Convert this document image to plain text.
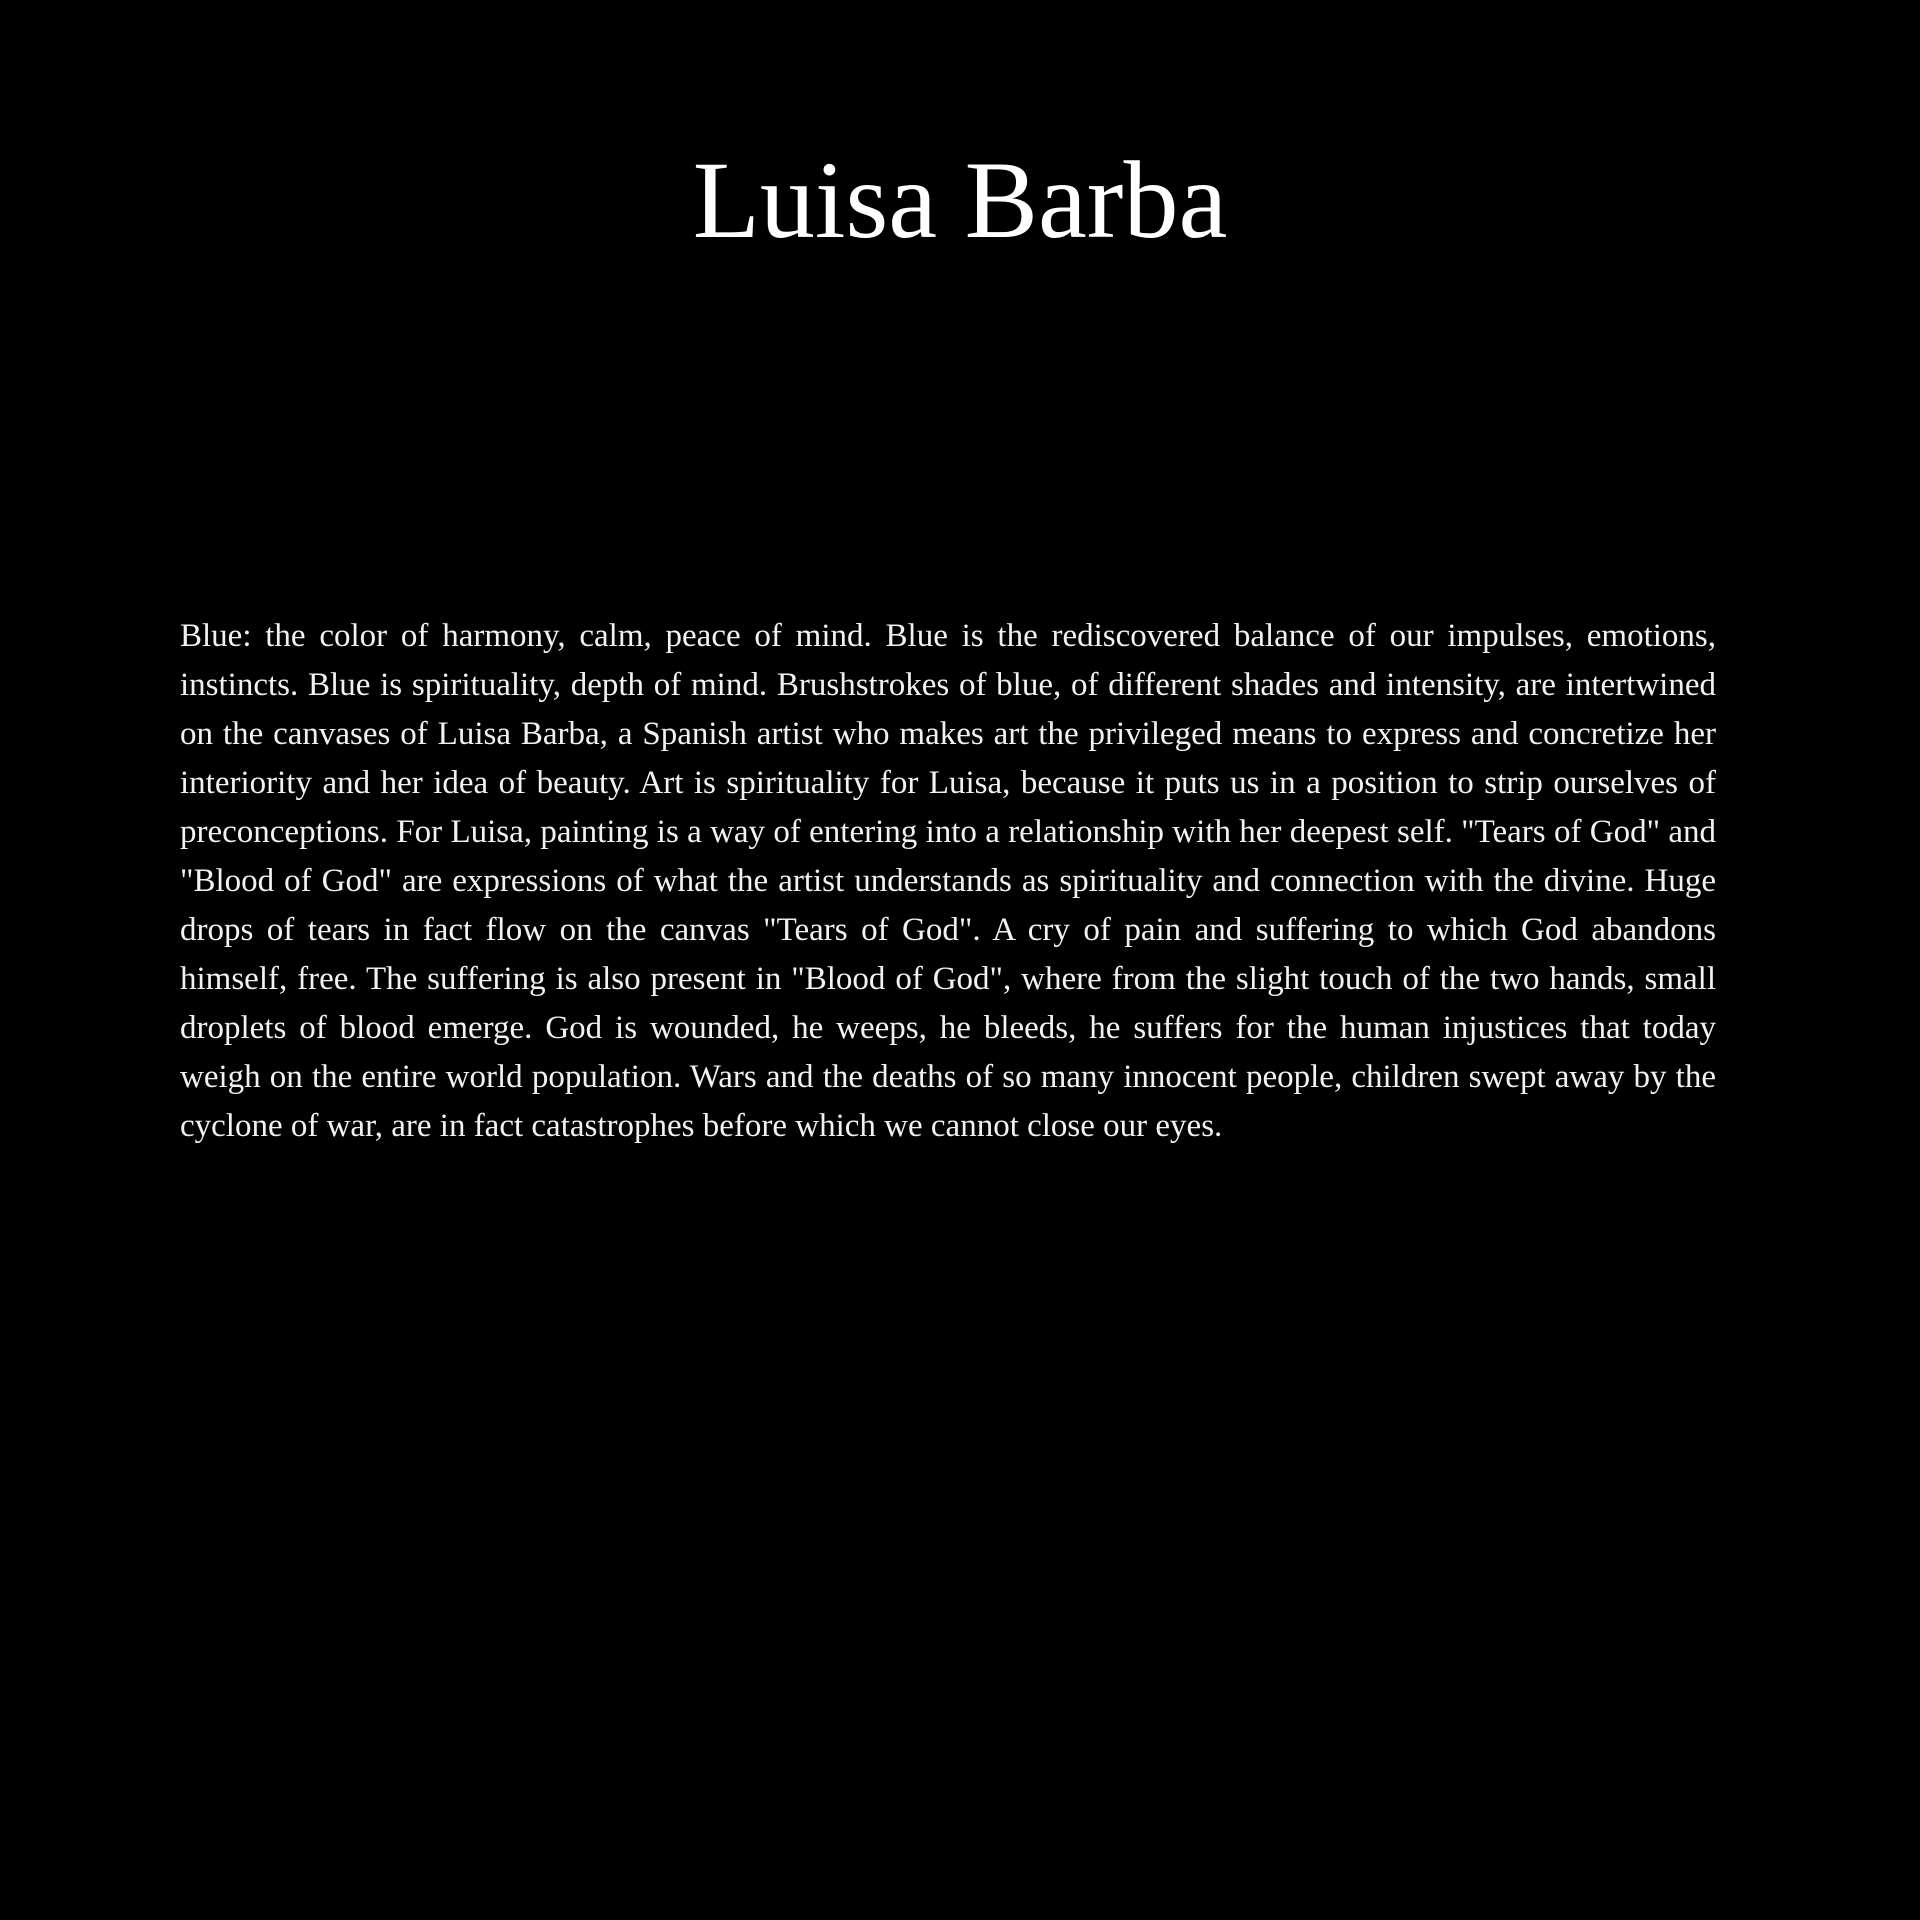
Luisa Barba

Blue: the color of harmony, calm, peace of mind. Blue is the rediscovered balance of our impulses, emotions, instincts. Blue is spirituality, depth of mind. Brushstrokes of blue, of different shades and intensity, are intertwined on the canvases of Luisa Barba, a Spanish artist who makes art the privileged means to express and concretize her interiority and her idea of beauty. Art is spirituality for Luisa, because it puts us in a position to strip ourselves of preconceptions. For Luisa, painting is a way of entering into a relationship with her deepest self. "Tears of God" and "Blood of God" are expressions of what the artist understands as spirituality and connection with the divine. Huge drops of tears in fact flow on the canvas "Tears of God". A cry of pain and suffering to which God abandons himself, free. The suffering is also present in "Blood of God", where from the slight touch of the two hands, small droplets of blood emerge. God is wounded, he weeps, he bleeds, he suffers for the human injustices that today weigh on the entire world population. Wars and the deaths of so many innocent people, children swept away by the cyclone of war, are in fact catastrophes before which we cannot close our eyes.
